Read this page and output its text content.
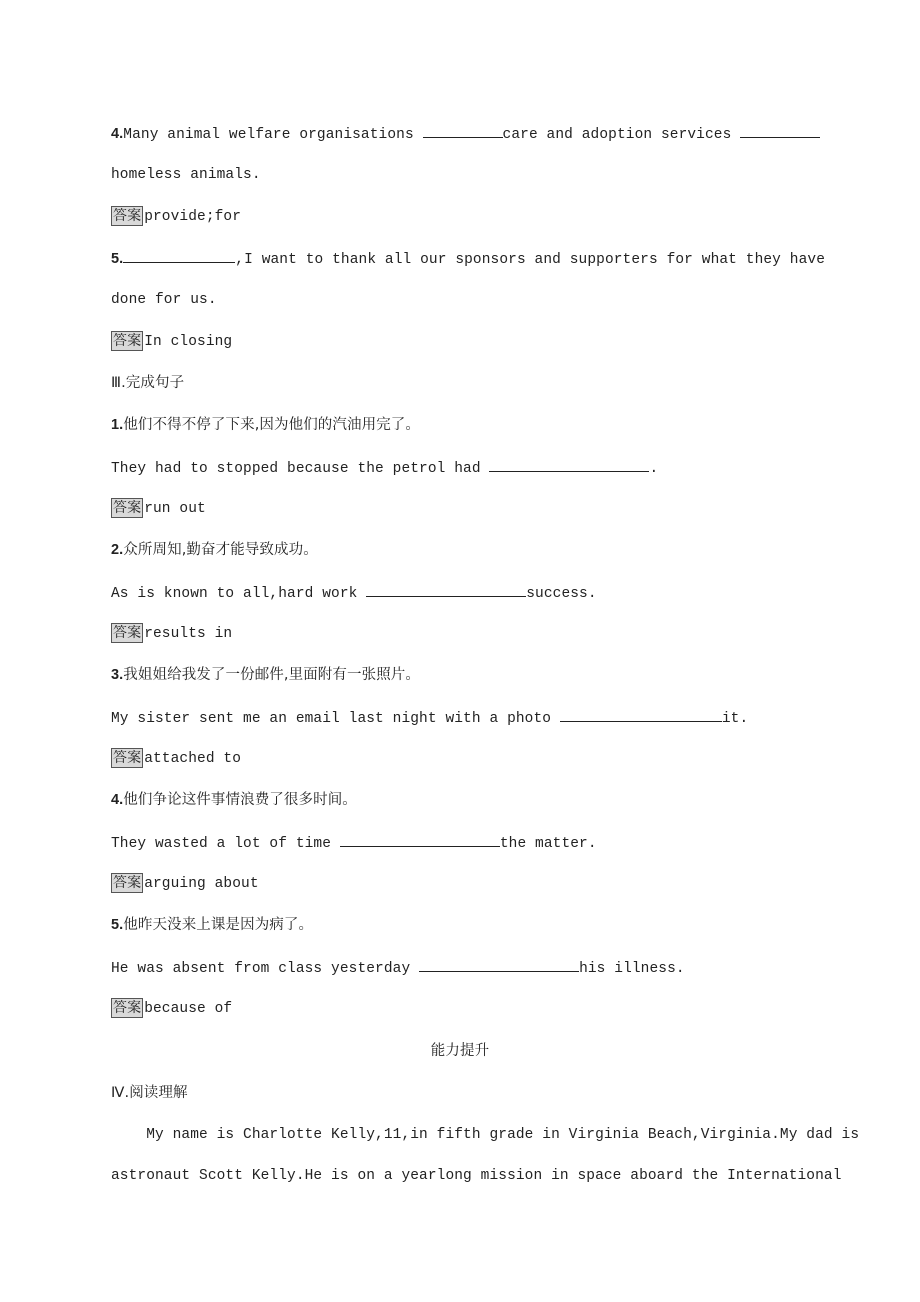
4.Many animal welfare organisations	care and adoption services
homeless animals.
答案 provide;for
5.	,I want to thank all our sponsors and supporters for what they have
done for us.
答案 In closing
Ⅲ.完成句子
1.他们不得不停了下来,因为他们的汽油用完了。
They had to stopped because the petrol had	.
答案 run out
2.众所周知,勤奋才能导致成功。
As is known to all,hard work	success.
答案 results in
3.我姐姐给我发了一份邮件,里面附有一张照片。
My sister sent me an email last night with a photo	it.
答案 attached to
4.他们争论这件事情浪费了很多时间。
They wasted a lot of time	the matter.
答案 arguing about
5.他昨天没来上课是因为病了。
He was absent from class yesterday	his illness.
答案 because of
能力提升
Ⅳ.阅读理解
My name is Charlotte Kelly,11,in fifth grade in Virginia Beach,Virginia.My dad is
astronaut Scott Kelly.He is on a yearlong mission in space aboard the International
